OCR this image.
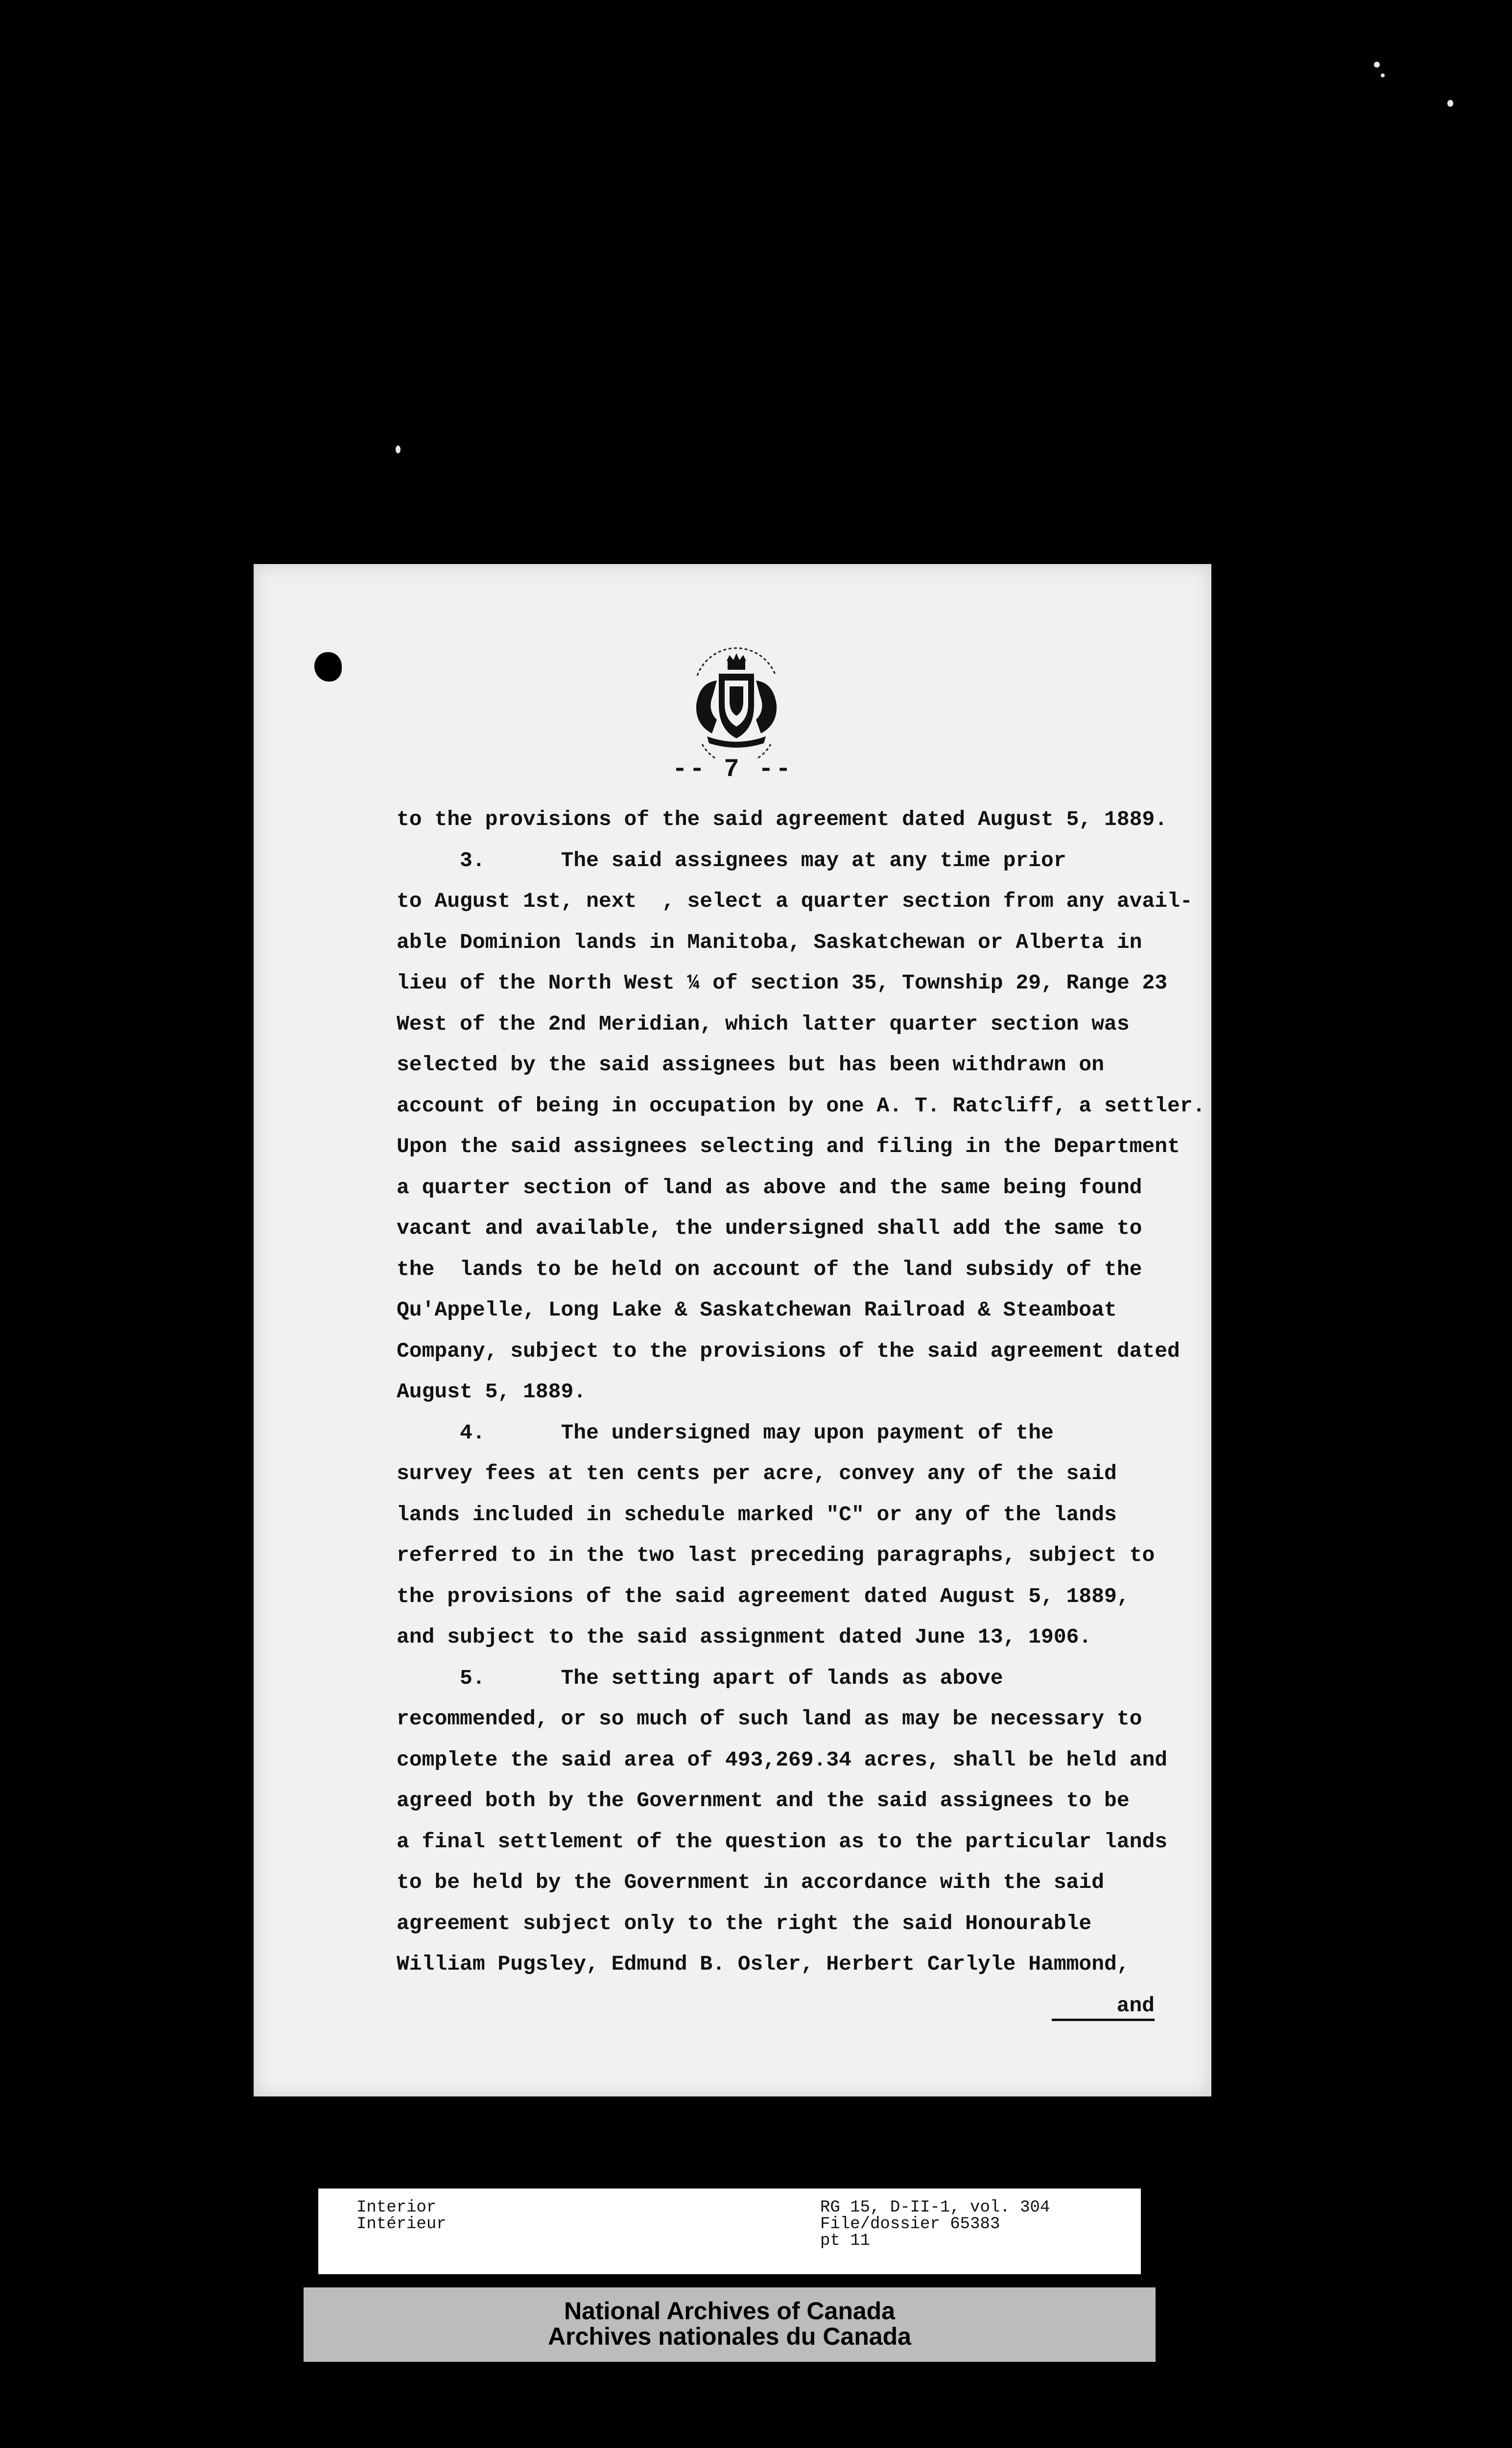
-- 7 --
to the provisions of the said agreement dated August 5, 1889.
3.      The said assignees may at any time prior
to August 1st, next  , select a quarter section from any avail-
able Dominion lands in Manitoba, Saskatchewan or Alberta in
lieu of the North West ¼ of section 35, Township 29, Range 23
West of the 2nd Meridian, which latter quarter section was
selected by the said assignees but has been withdrawn on
account of being in occupation by one A. T. Ratcliff, a settler.
Upon the said assignees selecting and filing in the Department
a quarter section of land as above and the same being found
vacant and available, the undersigned shall add the same to
the  lands to be held on account of the land subsidy of the
Qu'Appelle, Long Lake & Saskatchewan Railroad & Steamboat
Company, subject to the provisions of the said agreement dated
August 5, 1889.
4.      The undersigned may upon payment of the
survey fees at ten cents per acre, convey any of the said
lands included in schedule marked "C" or any of the lands
referred to in the two last preceding paragraphs, subject to
the provisions of the said agreement dated August 5, 1889,
and subject to the said assignment dated June 13, 1906.
5.      The setting apart of lands as above
recommended, or so much of such land as may be necessary to
complete the said area of 493,269.34 acres, shall be held and
agreed both by the Government and the said assignees to be
a final settlement of the question as to the particular lands
to be held by the Government in accordance with the said
agreement subject only to the right the said Honourable
William Pugsley, Edmund B. Osler, Herbert Carlyle Hammond,
and
Interior
Intérieur
RG 15, D-II-1, vol. 304
File/dossier 65383
pt 11
National Archives of Canada
Archives nationales du Canada
